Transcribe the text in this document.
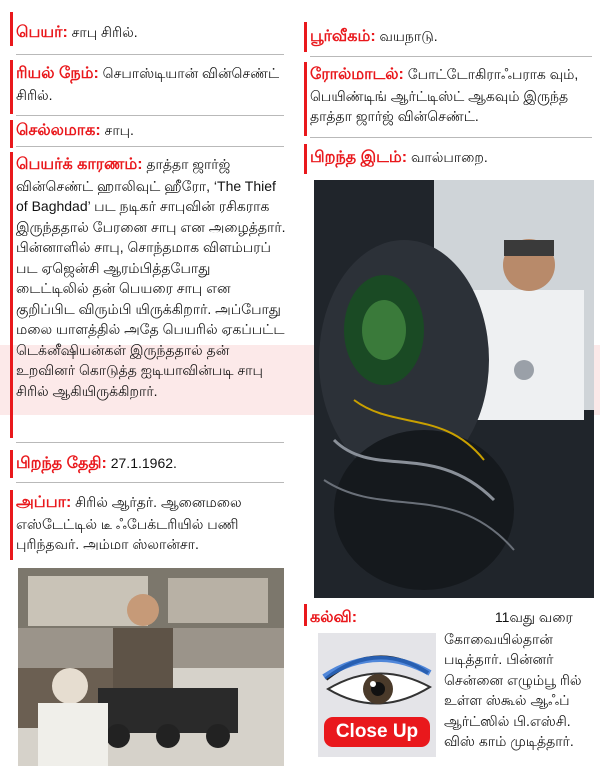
பெயர்: சாபு சிரில்.
ரியல் நேம்: செபாஸ்டியான் வின்செண்ட் சிரில்.
செல்லமாக: சாபு.
பெயர்க் காரணம்: தாத்தா ஜார்ஜ் வின்செண்ட் ஹாலிவுட் ஹீரோ, ‘The Thief of Baghdad’ பட நடிகர் சாபுவின் ரசிகராக இருந்ததால் பேரனை சாபு என அழைத்தார். பின்னாளில் சாபு, சொந்தமாக விளம்பரப் பட ஏஜென்சி ஆரம்பித்தபோது டைட்டிலில் தன் பெயரை சாபு என குறிப்பிட விரும்பி யிருக்கிறார். அப்போது மலை யாளத்தில் அதே பெயரில் ஏகப்பட்ட டெக்னீஷியன்கள் இருந்ததால் தன் உறவினர் கொடுத்த ஐடியாவின்படி சாபு சிரில் ஆகியிருக்கிறார்.
பிறந்த தேதி: 27.1.1962.
அப்பா: சிரில் ஆர்தர். ஆனைமலை எஸ்டேட்டில் டீ ஃபேக்டரியில் பணி புரிந்தவர். அம்மா ஸ்லான்சா.
பூர்வீகம்: வயநாடு.
ரோல்மாடல்: போட்டோகிராஃபராக வும், பெயிண்டிங் ஆர்ட்டிஸ்ட் ஆகவும் இருந்த தாத்தா ஜார்ஜ் வின்செண்ட்.
பிறந்த இடம்: வால்பாறை.
கல்வி:	11வது வரை கோவையில்தான் படித்தார். பின்னர் சென்னை எழும்பூ ரில் உள்ள ஸ்கூல் ஆஃப் ஆர்ட்ஸில் பி.எஸ்சி. விஸ் காம் முடித்தார்.
Close Up
